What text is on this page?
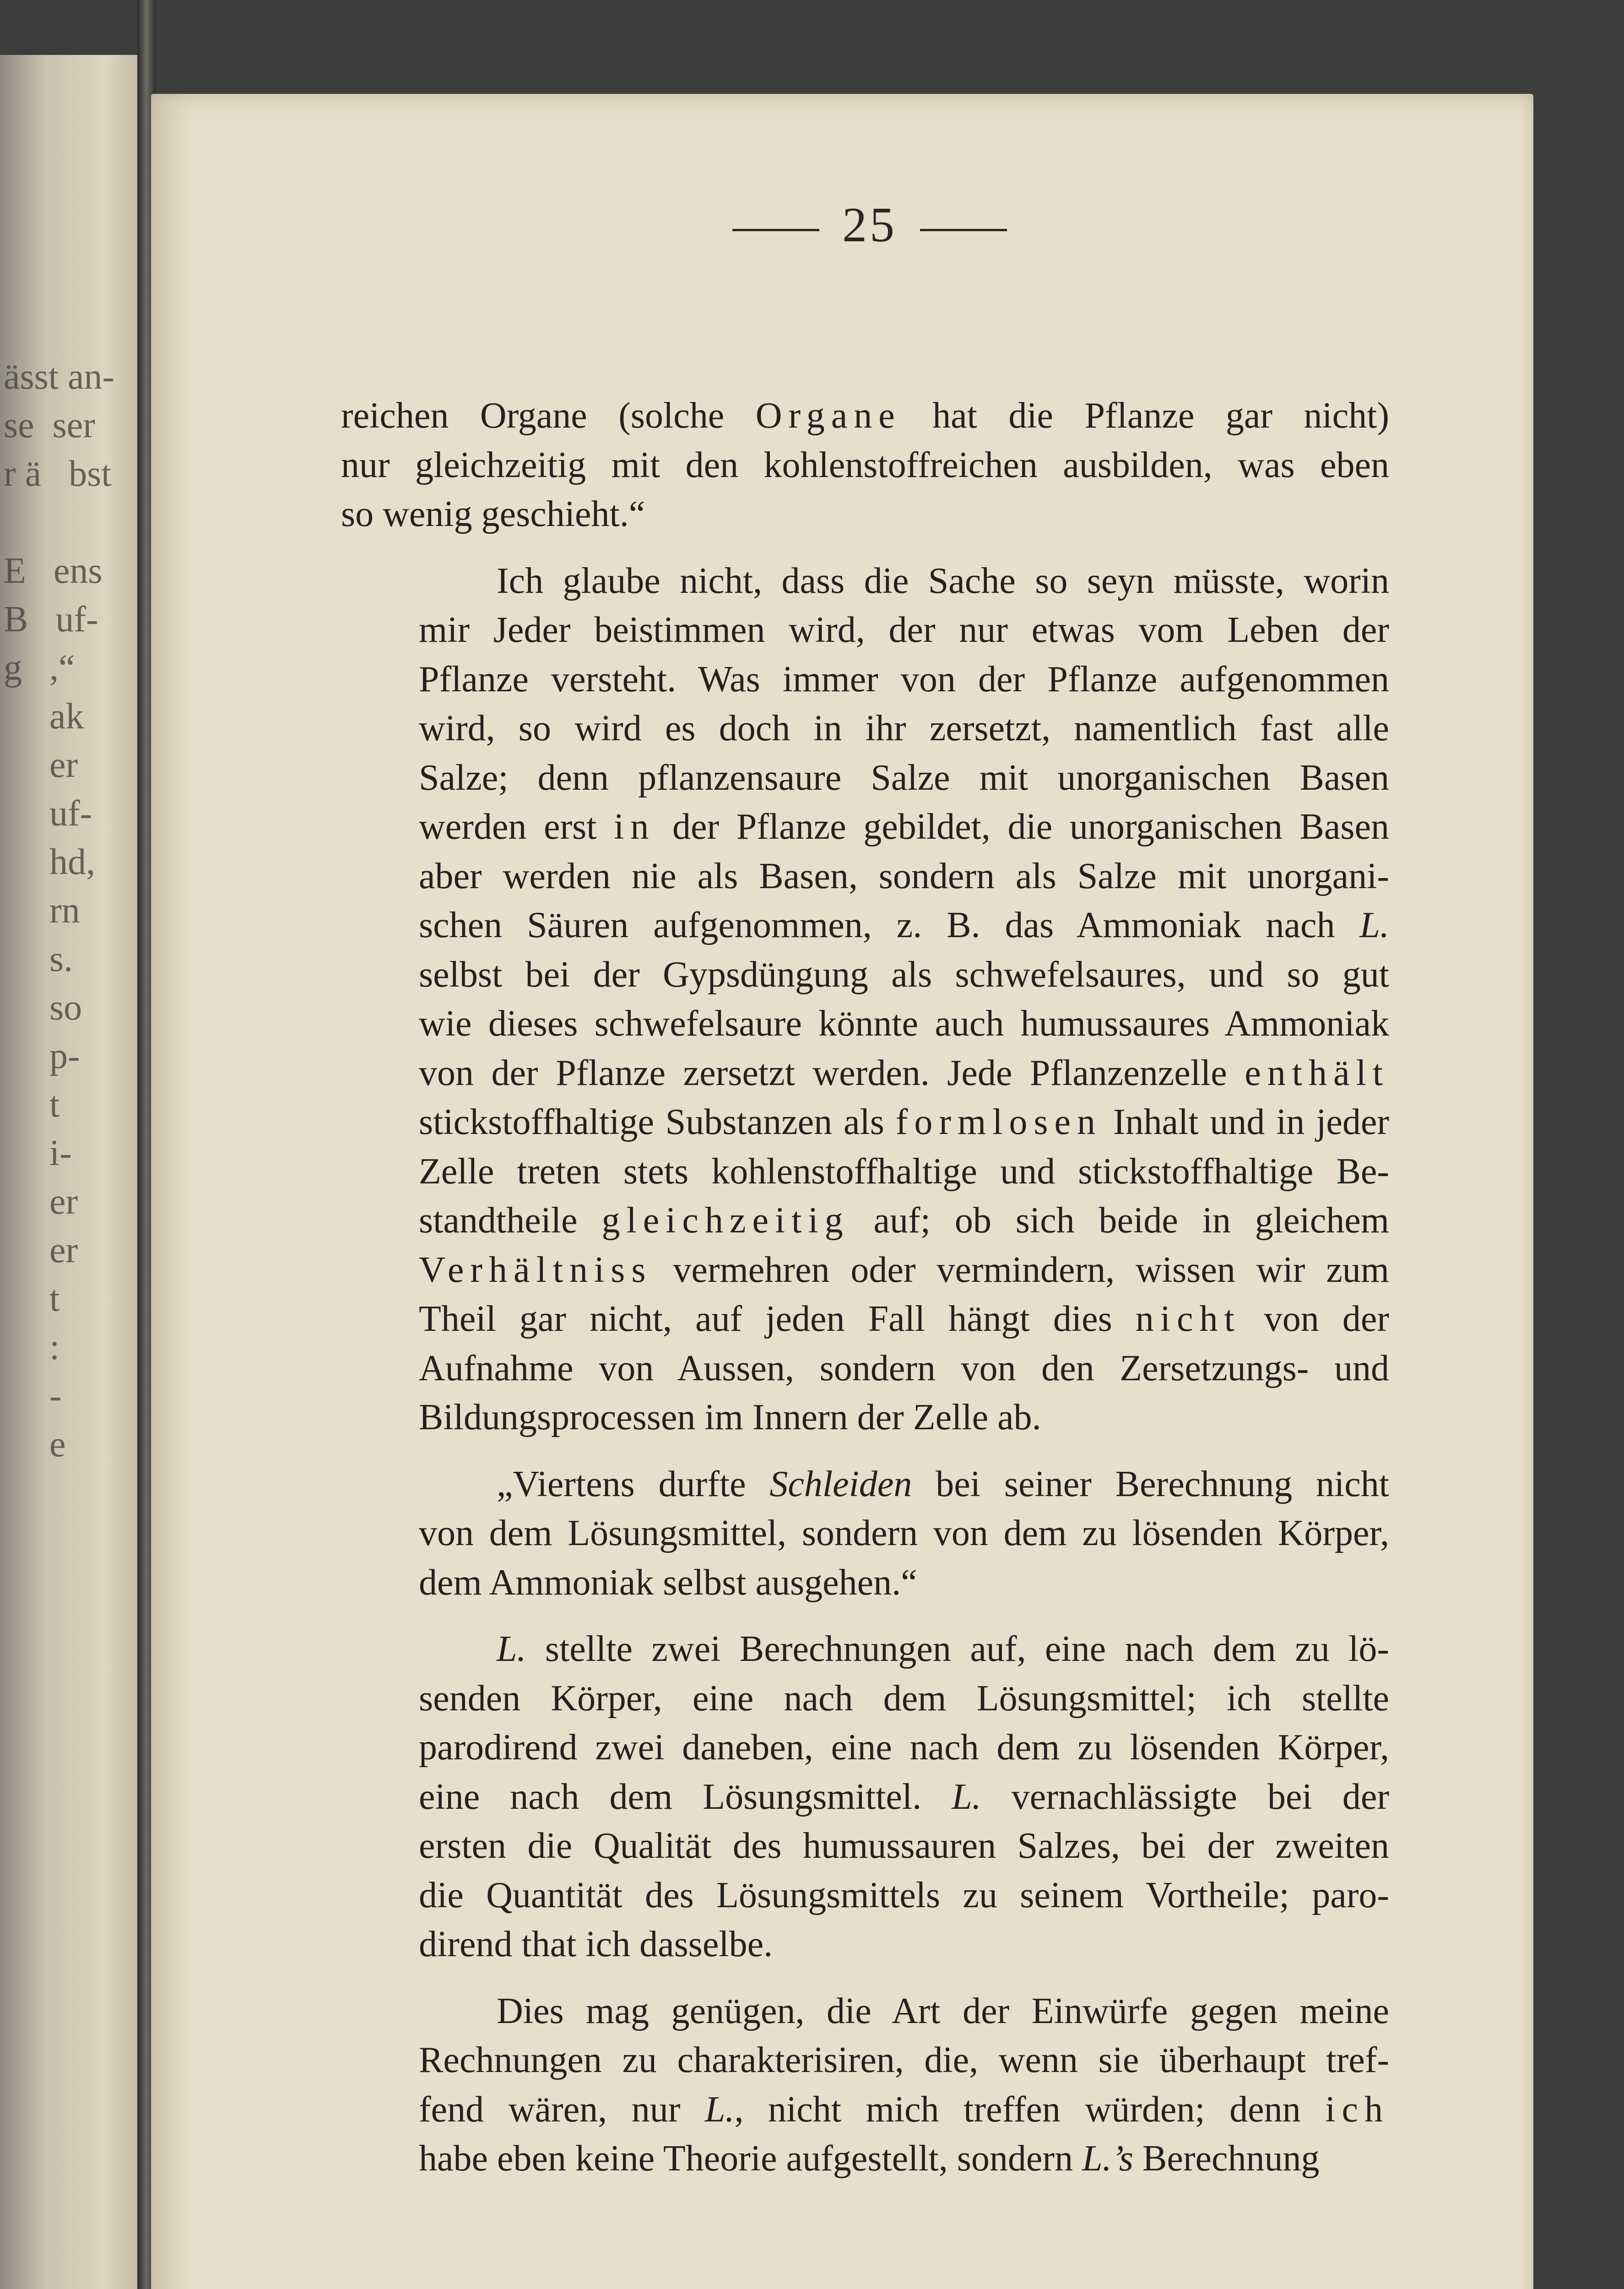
ässt an-
se  ser
r ä   bst

E   ens
B   uf-
g   ,“
ak
er
uf-
hd,
rn
s.
so
p-
t
i-
er
er
t
:
-
e
25

reichen Organe (solche Organe hat die Pflanze gar nicht)
nur gleichzeitig mit den kohlenstoffreichen ausbilden, was eben
so wenig geschieht.“

Ich glaube nicht, dass die Sache so seyn müsste, worin
mir Jeder beistimmen wird, der nur etwas vom Leben der
Pflanze versteht. Was immer von der Pflanze aufgenommen
wird, so wird es doch in ihr zersetzt, namentlich fast alle
Salze; denn pflanzensaure Salze mit unorganischen Basen
werden erst in der Pflanze gebildet, die unorganischen Basen
aber werden nie als Basen, sondern als Salze mit unorgani-
schen Säuren aufgenommen, z. B. das Ammoniak nach L.
selbst bei der Gypsdüngung als schwefelsaures, und so gut
wie dieses schwefelsaure könnte auch humussaures Ammoniak
von der Pflanze zersetzt werden. Jede Pflanzenzelle enthält
stickstoffhaltige Substanzen als formlosen Inhalt und in jeder
Zelle treten stets kohlenstoffhaltige und stickstoffhaltige Be-
standtheile gleichzeitig auf; ob sich beide in gleichem
Verhältniss vermehren oder vermindern, wissen wir zum
Theil gar nicht, auf jeden Fall hängt dies nicht von der
Aufnahme von Aussen, sondern von den Zersetzungs- und
Bildungsprocessen im Innern der Zelle ab.

„Viertens durfte Schleiden bei seiner Berechnung nicht
von dem Lösungsmittel, sondern von dem zu lösenden Körper,
dem Ammoniak selbst ausgehen.“

L. stellte zwei Berechnungen auf, eine nach dem zu lö-
senden Körper, eine nach dem Lösungsmittel; ich stellte
parodirend zwei daneben, eine nach dem zu lösenden Körper,
eine nach dem Lösungsmittel. L. vernachlässigte bei der
ersten die Qualität des humussauren Salzes, bei der zweiten
die Quantität des Lösungsmittels zu seinem Vortheile; paro-
dirend that ich dasselbe.

Dies mag genügen, die Art der Einwürfe gegen meine
Rechnungen zu charakterisiren, die, wenn sie überhaupt tref-
fend wären, nur L., nicht mich treffen würden; denn ich
habe eben keine Theorie aufgestellt, sondern L.’s Berechnung
